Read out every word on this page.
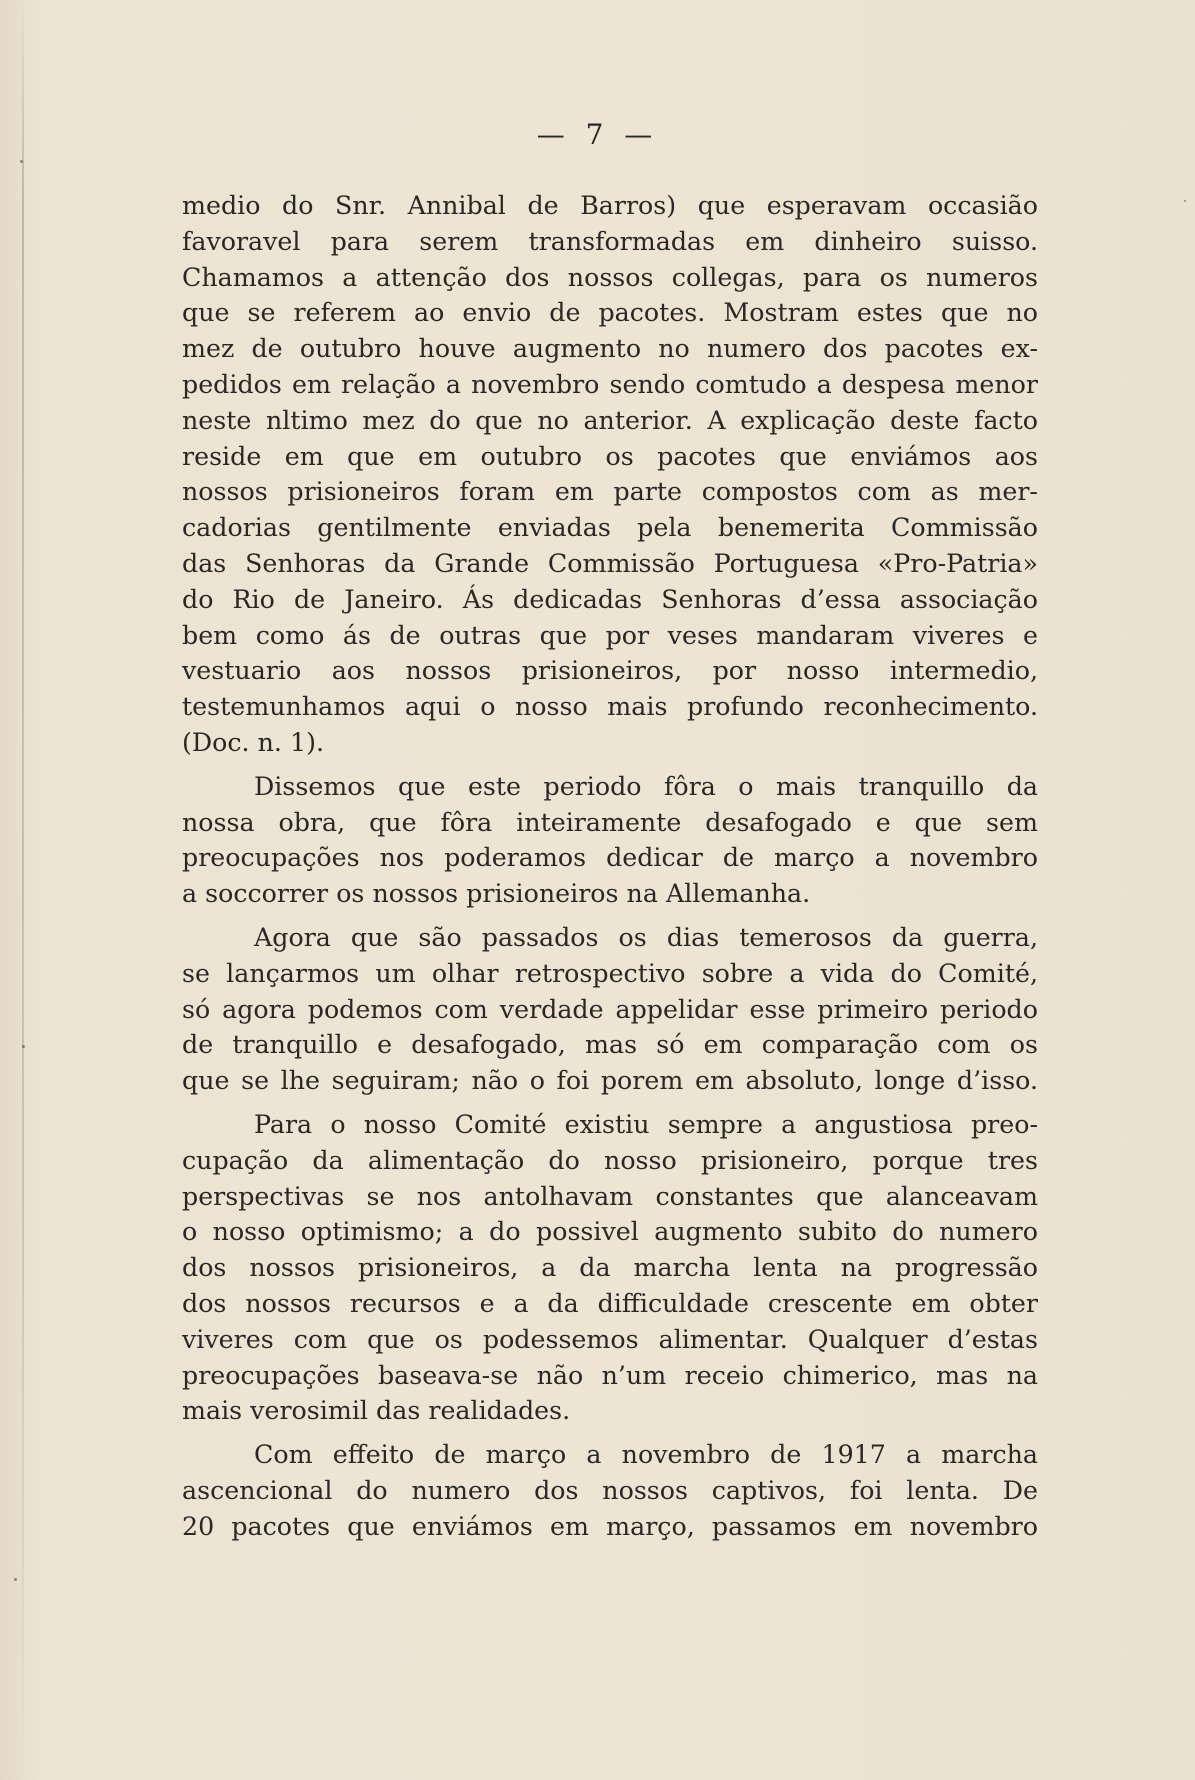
— 7 —
medio do Snr. Annibal de Barros) que esperavam occasião
favoravel para serem transformadas em dinheiro suisso.
Chamamos a attenção dos nossos collegas, para os numeros
que se referem ao envio de pacotes. Mostram estes que no
mez de outubro houve augmento no numero dos pacotes ex-
pedidos em relação a novembro sendo comtudo a despesa menor
neste nltimo mez do que no anterior. A explicação deste facto
reside em que em outubro os pacotes que enviámos aos
nossos prisioneiros foram em parte compostos com as mer-
cadorias gentilmente enviadas pela benemerita Commissão
das Senhoras da Grande Commissão Portuguesa «Pro-Patria»
do Rio de Janeiro. Ás dedicadas Senhoras d’essa associação
bem como ás de outras que por veses mandaram viveres e
vestuario aos nossos prisioneiros, por nosso intermedio,
testemunhamos aqui o nosso mais profundo reconhecimento.
(Doc. n. 1).
Dissemos que este periodo fôra o mais tranquillo da
nossa obra, que fôra inteiramente desafogado e que sem
preocupações nos poderamos dedicar de março a novembro
a soccorrer os nossos prisioneiros na Allemanha.
Agora que são passados os dias temerosos da guerra,
se lançarmos um olhar retrospectivo sobre a vida do Comité,
só agora podemos com verdade appelidar esse primeiro periodo
de tranquillo e desafogado, mas só em comparação com os
que se lhe seguiram; não o foi porem em absoluto, longe d’isso.
Para o nosso Comité existiu sempre a angustiosa preo-
cupação da alimentação do nosso prisioneiro, porque tres
perspectivas se nos antolhavam constantes que alanceavam
o nosso optimismo; a do possivel augmento subito do numero
dos nossos prisioneiros, a da marcha lenta na progressão
dos nossos recursos e a da difficuldade crescente em obter
viveres com que os podessemos alimentar. Qualquer d’estas
preocupações baseava-se não n’um receio chimerico, mas na
mais verosimil das realidades.
Com effeito de março a novembro de 1917 a marcha
ascencional do numero dos nossos captivos, foi lenta. De
20 pacotes que enviámos em março, passamos em novembro
